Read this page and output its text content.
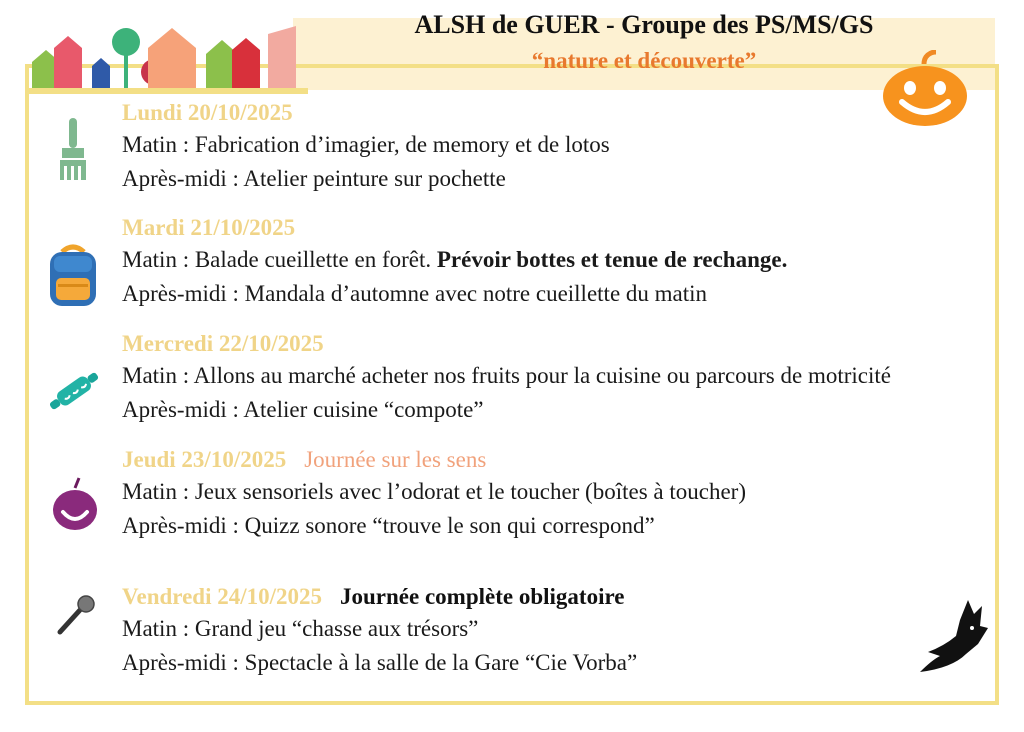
ALSH de GUER - Groupe des PS/MS/GS
“nature et découverte”
Lundi 20/10/2025
Matin : Fabrication d’imagier, de memory et de lotos
Après-midi : Atelier peinture sur pochette
Mardi 21/10/2025
Matin : Balade cueillette en forêt. Prévoir bottes et tenue de rechange.
Après-midi : Mandala d’automne avec notre cueillette du matin
Mercredi 22/10/2025
Matin : Allons au marché acheter nos fruits pour la cuisine ou parcours de motricité
Après-midi : Atelier cuisine “compote”
Jeudi 23/10/2025 Journée sur les sens
Matin : Jeux sensoriels avec l’odorat et le toucher (boîtes à toucher)
Après-midi : Quizz sonore “trouve le son qui correspond”
Vendredi 24/10/2025 Journée complète obligatoire
Matin : Grand jeu “chasse aux trésors”
Après-midi : Spectacle à la salle de la Gare “Cie Vorba”
